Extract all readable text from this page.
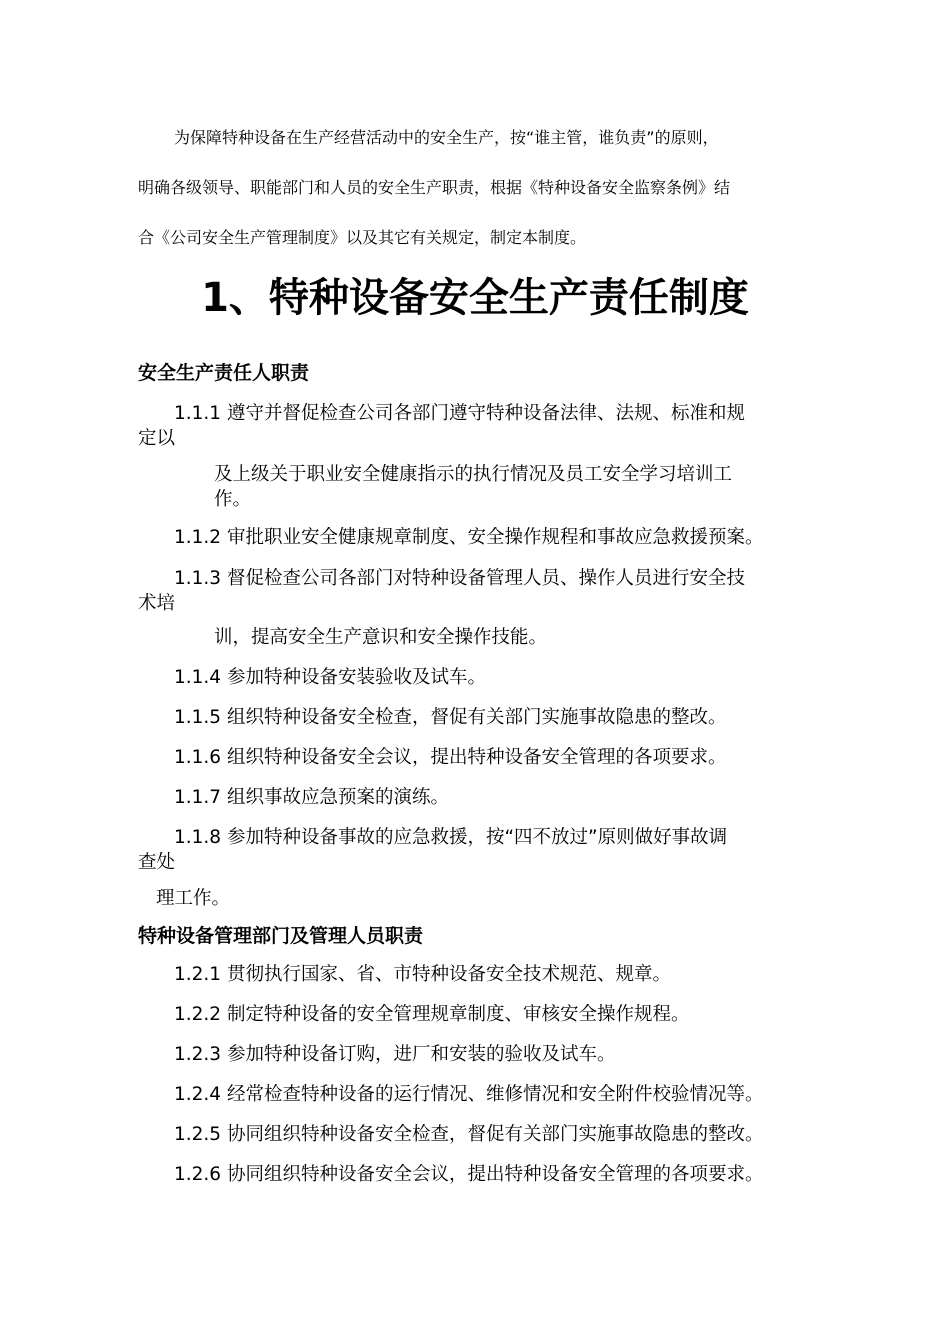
为保障特种设备在生产经营活动中的安全生产，按“谁主管，谁负责”的原则，
明确各级领导、职能部门和人员的安全生产职责，根据《特种设备安全监察条例》结
合《公司安全生产管理制度》以及其它有关规定，制定本制度。
1、特种设备安全生产责任制度
安全生产责任人职责
1.1.1 遵守并督促检查公司各部门遵守特种设备法律、法规、标准和规
定以
及上级关于职业安全健康指示的执行情况及员工安全学习培训工
作。
1.1.2 审批职业安全健康规章制度、安全操作规程和事故应急救援预案。
1.1.3 督促检查公司各部门对特种设备管理人员、操作人员进行安全技
术培
训，提高安全生产意识和安全操作技能。
1.1.4 参加特种设备安装验收及试车。
1.1.5 组织特种设备安全检查，督促有关部门实施事故隐患的整改。
1.1.6 组织特种设备安全会议，提出特种设备安全管理的各项要求。
1.1.7 组织事故应急预案的演练。
1.1.8 参加特种设备事故的应急救援，按“四不放过”原则做好事故调
查处
理工作。
特种设备管理部门及管理人员职责
1.2.1 贯彻执行国家、省、市特种设备安全技术规范、规章。
1.2.2 制定特种设备的安全管理规章制度、审核安全操作规程。
1.2.3 参加特种设备订购，进厂和安装的验收及试车。
1.2.4 经常检查特种设备的运行情况、维修情况和安全附件校验情况等。
1.2.5 协同组织特种设备安全检查，督促有关部门实施事故隐患的整改。
1.2.6 协同组织特种设备安全会议，提出特种设备安全管理的各项要求。
